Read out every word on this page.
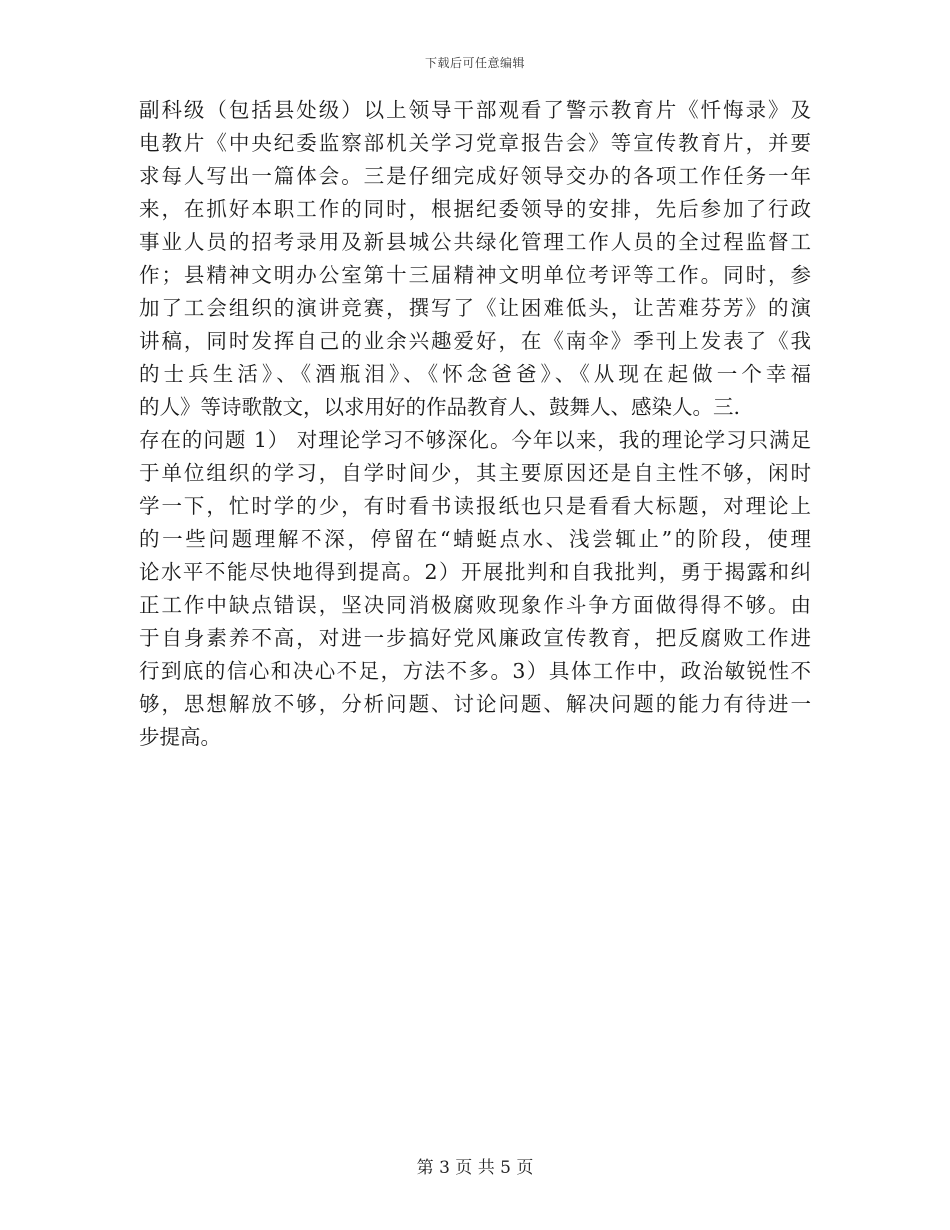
下载后可任意编辑
副科级（包括县处级）以上领导干部观看了警示教育片《忏悔录》及
电教片《中央纪委监察部机关学习党章报告会》等宣传教育片，并要
求每人写出一篇体会。三是仔细完成好领导交办的各项工作任务一年
来，在抓好本职工作的同时，根据纪委领导的安排，先后参加了行政
事业人员的招考录用及新县城公共绿化管理工作人员的全过程监督工
作；县精神文明办公室第十三届精神文明单位考评等工作。同时，参
加了工会组织的演讲竞赛，撰写了《让困难低头，让苦难芬芳》的演
讲稿，同时发挥自己的业余兴趣爱好，在《南伞》季刊上发表了《我
的士兵生活》、《酒瓶泪》、《怀念爸爸》、《从现在起做一个幸福
的人》等诗歌散文，以求用好的作品教育人、鼓舞人、感染人。三.
存在的问题 1） 对理论学习不够深化。今年以来，我的理论学习只满足
于单位组织的学习，自学时间少，其主要原因还是自主性不够，闲时
学一下，忙时学的少，有时看书读报纸也只是看看大标题，对理论上
的一些问题理解不深，停留在“蜻蜓点水、浅尝辄止”的阶段，使理
论水平不能尽快地得到提高。2）开展批判和自我批判，勇于揭露和纠
正工作中缺点错误，坚决同消极腐败现象作斗争方面做得得不够。由
于自身素养不高，对进一步搞好党风廉政宣传教育，把反腐败工作进
行到底的信心和决心不足，方法不多。3）具体工作中，政治敏锐性不
够，思想解放不够，分析问题、讨论问题、解决问题的能力有待进一
步提高。
第 3 页 共 5 页
